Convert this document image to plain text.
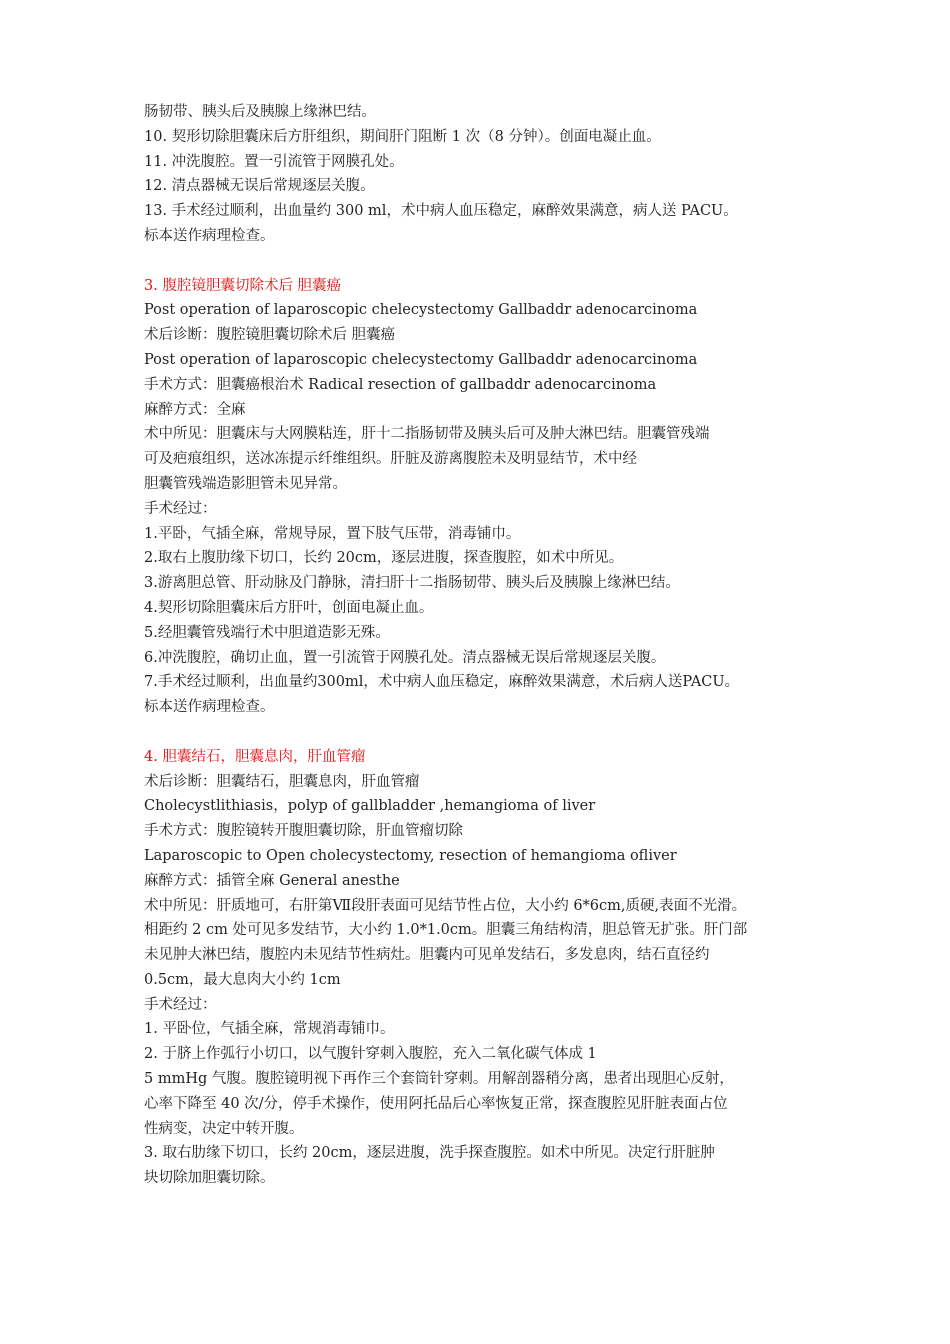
肠韧带、胰头后及胰腺上缘淋巴结。
10. 契形切除胆囊床后方肝组织，期间肝门阻断 1 次（8 分钟）。创面电凝止血。
11. 冲洗腹腔。置一引流管于网膜孔处。
12. 清点器械无误后常规逐层关腹。
13. 手术经过顺利，出血量约 300 ml，术中病人血压稳定，麻醉效果满意，病人送 PACU。
标本送作病理检查。
3. 腹腔镜胆囊切除术后 胆囊癌
Post operation of laparoscopic chelecystectomy Gallbaddr adenocarcinoma
术后诊断：腹腔镜胆囊切除术后 胆囊癌
Post operation of laparoscopic chelecystectomy Gallbaddr adenocarcinoma
手术方式：胆囊癌根治术 Radical resection of gallbaddr adenocarcinoma
麻醉方式：全麻
术中所见：胆囊床与大网膜粘连，肝十二指肠韧带及胰头后可及肿大淋巴结。胆囊管残端
可及疤痕组织，送冰冻提示纤维组织。肝脏及游离腹腔未及明显结节，术中经
胆囊管残端造影胆管未见异常。
手术经过：
1.平卧，气插全麻，常规导尿，置下肢气压带，消毒铺巾。
2.取右上腹肋缘下切口，长约 20cm，逐层进腹，探查腹腔，如术中所见。
3.游离胆总管、肝动脉及门静脉，清扫肝十二指肠韧带、胰头后及胰腺上缘淋巴结。
4.契形切除胆囊床后方肝叶，创面电凝止血。
5.经胆囊管残端行术中胆道造影无殊。
6.冲洗腹腔，确切止血，置一引流管于网膜孔处。清点器械无误后常规逐层关腹。
7.手术经过顺利，出血量约300ml，术中病人血压稳定，麻醉效果满意，术后病人送PACU。
标本送作病理检查。
4. 胆囊结石，胆囊息肉，肝血管瘤
术后诊断：胆囊结石，胆囊息肉，肝血管瘤
Cholecystlithiasis，polyp of gallbladder ,hemangioma of liver
手术方式：腹腔镜转开腹胆囊切除，肝血管瘤切除
Laparoscopic to Open cholecystectomy, resection of hemangioma ofliver
麻醉方式：插管全麻 General anesthe
术中所见：肝质地可，右肝第Ⅶ段肝表面可见结节性占位，大小约 6*6cm,质硬,表面不光滑。
相距约 2 cm 处可见多发结节，大小约 1.0*1.0cm。胆囊三角结构清，胆总管无扩张。肝门部
未见肿大淋巴结，腹腔内未见结节性病灶。胆囊内可见单发结石，多发息肉，结石直径约
0.5cm，最大息肉大小约 1cm
手术经过：
1. 平卧位，气插全麻，常规消毒铺巾。
2. 于脐上作弧行小切口，以气腹针穿刺入腹腔，充入二氧化碳气体成 1
5 mmHg 气腹。腹腔镜明视下再作三个套筒针穿刺。用解剖器稍分离，患者出现胆心反射，
心率下降至 40 次/分，停手术操作，使用阿托品后心率恢复正常，探查腹腔见肝脏表面占位
性病变，决定中转开腹。
3. 取右肋缘下切口，长约 20cm，逐层进腹，洗手探查腹腔。如术中所见。决定行肝脏肿
块切除加胆囊切除。
